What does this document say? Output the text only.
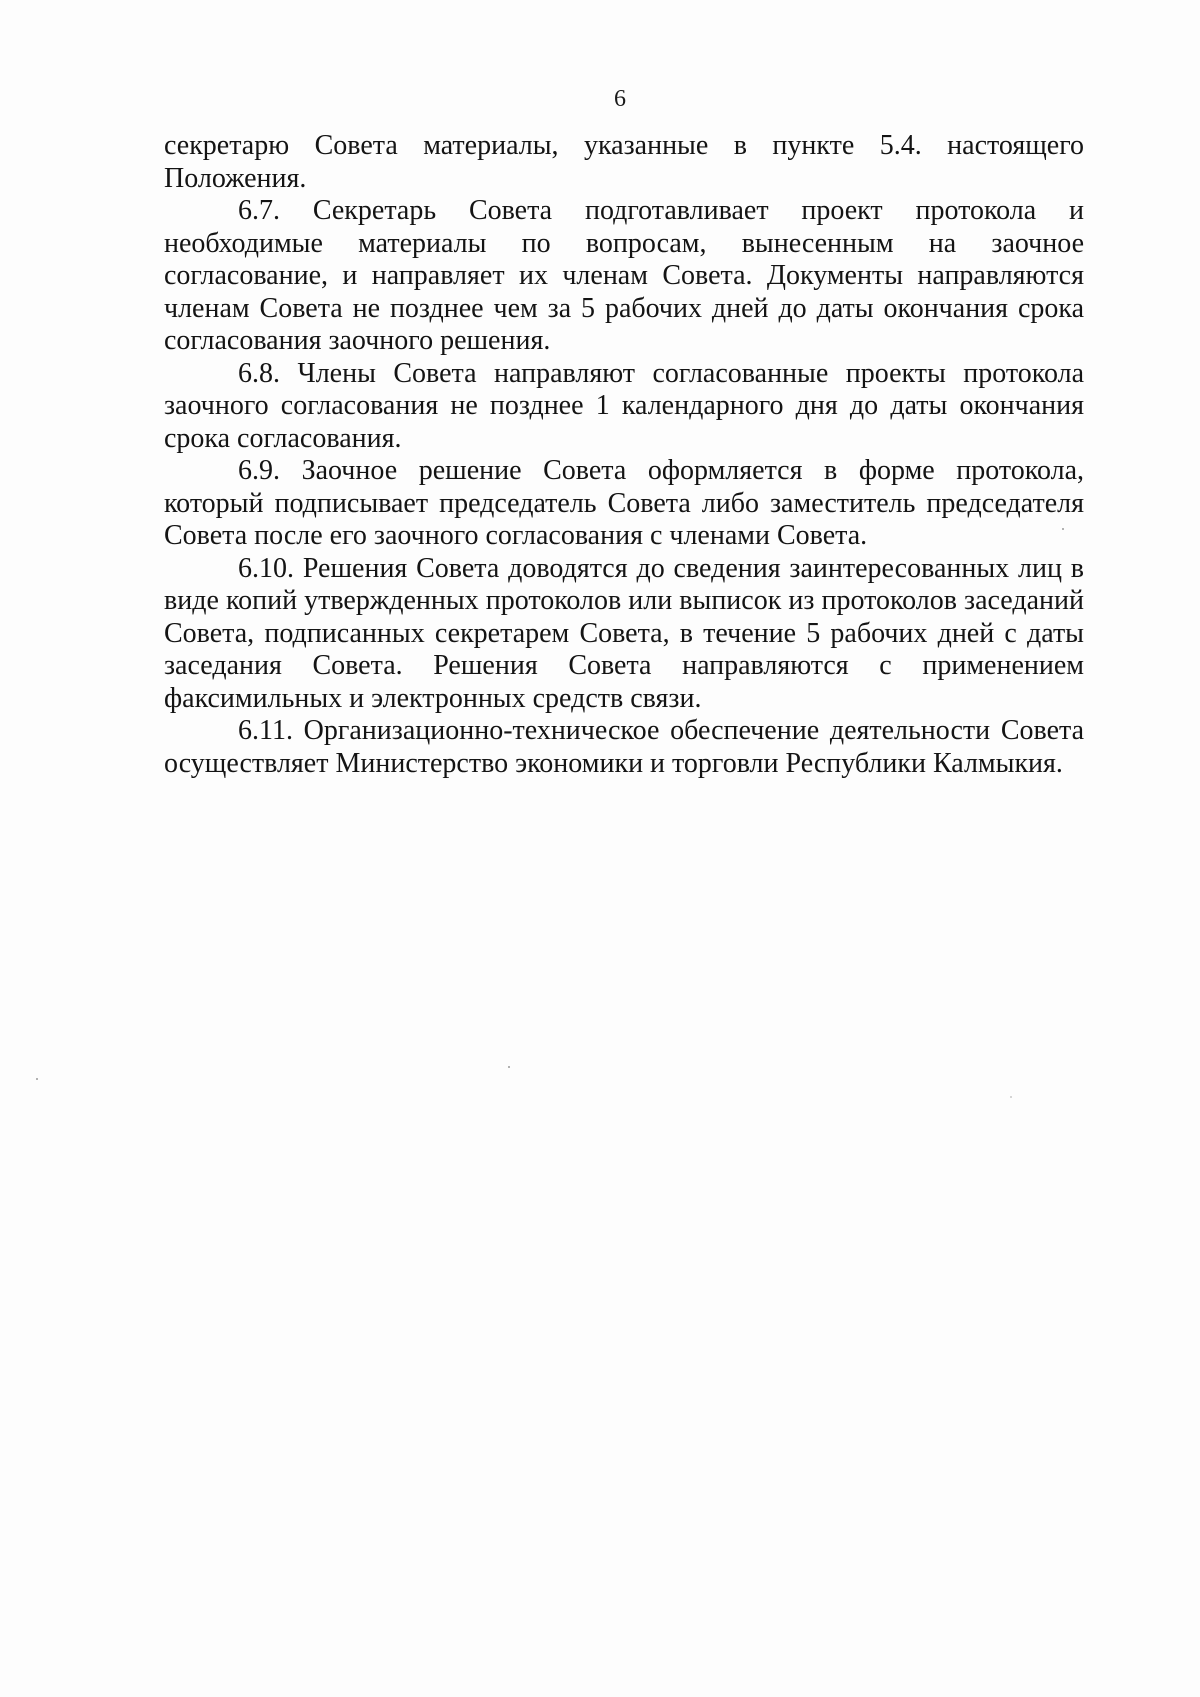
6

секретарю Совета материалы, указанные в пункте 5.4. настоящего Положения.

6.7. Секретарь Совета подготавливает проект протокола и необходимые материалы по вопросам, вынесенным на заочное согласование, и направляет их членам Совета. Документы направляются членам Совета не позднее чем за 5 рабочих дней до даты окончания срока согласования заочного решения.

6.8. Члены Совета направляют согласованные проекты протокола заочного согласования не позднее 1 календарного дня до даты окончания срока согласования.

6.9. Заочное решение Совета оформляется в форме протокола, который подписывает председатель Совета либо заместитель председателя Совета после его заочного согласования с членами Совета.

6.10. Решения Совета доводятся до сведения заинтересованных лиц в виде копий утвержденных протоколов или выписок из протоколов заседаний Совета, подписанных секретарем Совета, в течение 5 рабочих дней с даты заседания Совета. Решения Совета направляются с применением факсимильных и электронных средств связи.

6.11. Организационно-техническое обеспечение деятельности Совета осуществляет Министерство экономики и торговли Республики Калмыкия.
